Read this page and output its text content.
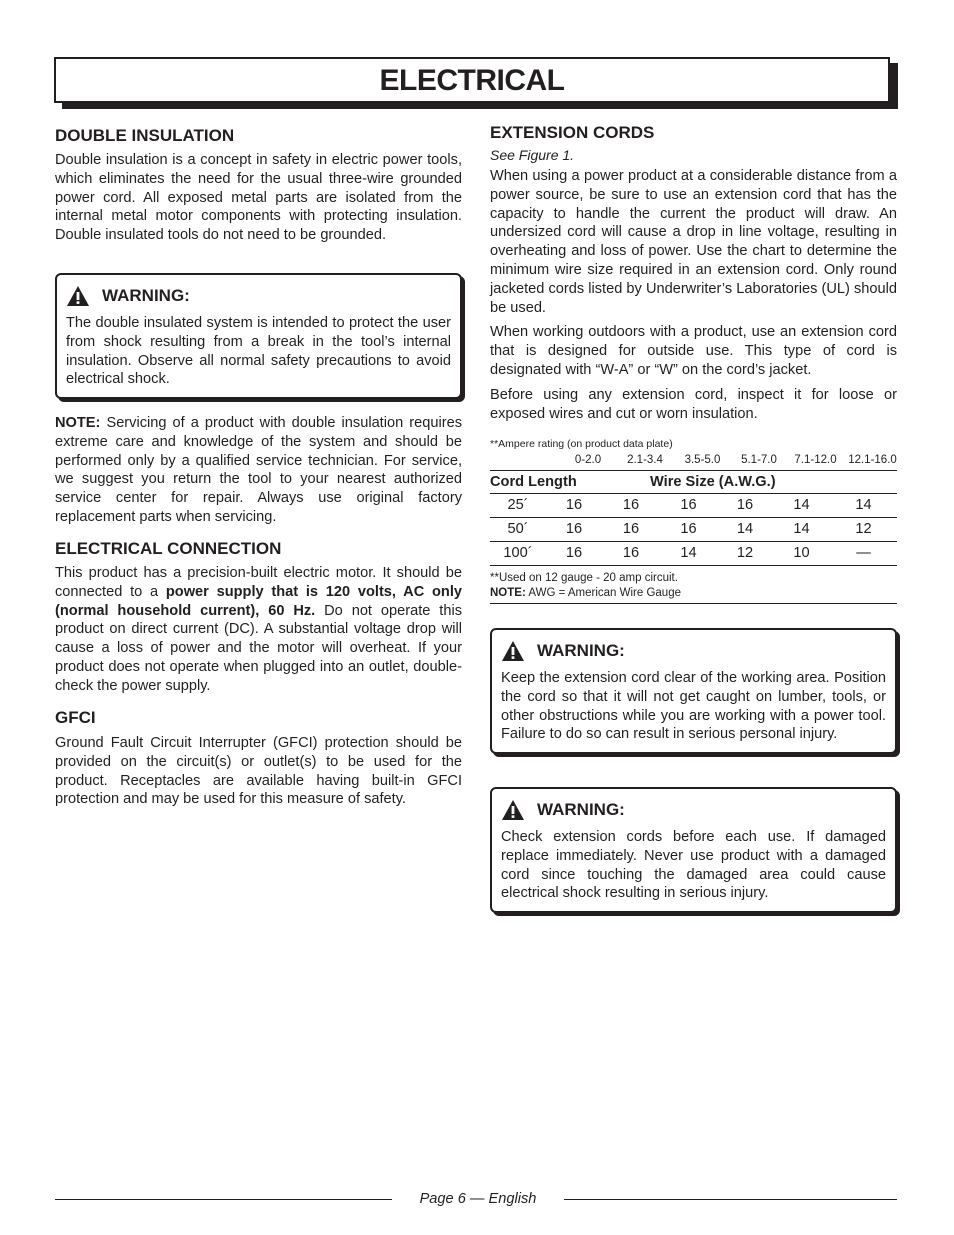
ELECTRICAL
DOUBLE INSULATION

Double insulation is a concept in safety in electric power tools, which eliminates the need for the usual three-wire grounded power cord. All exposed metal parts are isolated from the internal metal motor components with protecting insulation. Double insulated tools do not need to be grounded.

WARNING:

The double insulated system is intended to protect the user from shock resulting from a break in the tool’s internal insulation. Observe all normal safety precautions to avoid electrical shock.

NOTE: Servicing of a product with double insulation requires extreme care and knowledge of the system and should be performed only by a qualified service technician. For service, we suggest you return the tool to your nearest authorized service center for repair. Always use original factory replacement parts when servicing.

ELECTRICAL CONNECTION

This product has a precision-built electric motor. It should be connected to a power supply that is 120 volts, AC only (normal household current), 60 Hz. Do not operate this product on direct current (DC). A substantial voltage drop will cause a loss of power and the motor will overheat. If your product does not operate when plugged into an outlet, double-check the power supply.

GFCI

Ground Fault Circuit Interrupter (GFCI) protection should be provided on the circuit(s) or outlet(s) to be used for the product. Receptacles are available having built-in GFCI protection and may be used for this measure of safety.

EXTENSION CORDS
See Figure 1.

When using a power product at a considerable distance from a power source, be sure to use an extension cord that has the capacity to handle the current the product will draw. An undersized cord will cause a drop in line voltage, resulting in overheating and loss of power. Use the chart to determine the minimum wire size required in an extension cord. Only round jacketed cords listed by Underwriter’s Laboratories (UL) should be used.

When working outdoors with a product, use an extension cord that is designed for outside use. This type of cord is designated with “W-A” or “W” on the cord’s jacket.

Before using any extension cord, inspect it for loose or exposed wires and cut or worn insulation.

**Ampere rating (on product data plate)
0-2.0	2.1-3.4	3.5-5.0	5.1-7.0	7.1-12.0	12.1-16.0
Cord Length	Wire Size (A.W.G.)
25´	16	16	16	16	14	14
50´	16	16	16	14	14	12
100´	16	16	14	12	10	—
**Used on 12 gauge - 20 amp circuit.
NOTE: AWG = American Wire Gauge
WARNING:

Keep the extension cord clear of the working area. Position the cord so that it will not get caught on lumber, tools, or other obstructions while you are working with a power tool. Failure to do so can result in serious personal injury.

WARNING:

Check extension cords before each use. If damaged replace immediately. Never use product with a damaged cord since touching the damaged area could cause electrical shock resulting in serious injury.

Page 6 — English
